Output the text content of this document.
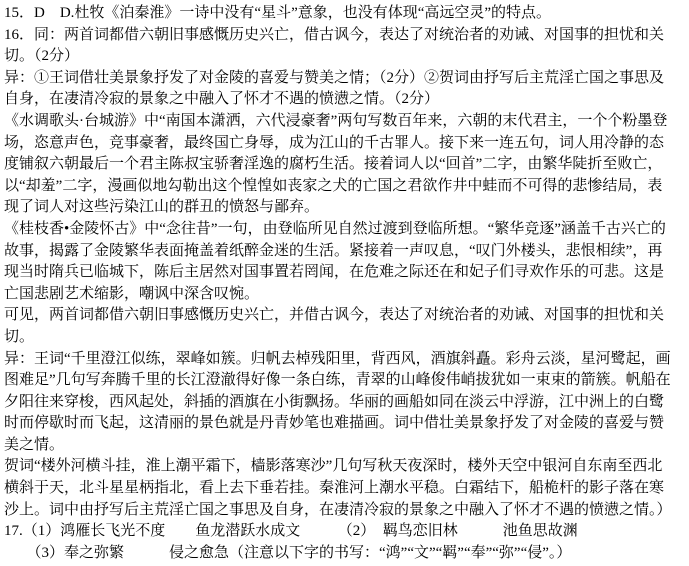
15．D　D.杜牧《泊秦淮》一诗中没有“星斗”意象，也没有体现“高远空灵”的特点。
16．同：两首词都借六朝旧事感慨历史兴亡，借古讽今，表达了对统治者的劝诫、对国事的担忧和关
切。（2分）
异：①王词借壮美景象抒发了对金陵的喜爱与赞美之情；（2分）②贺词由抒写后主荒淫亡国之事思及
自身，在凄清冷寂的景象之中融入了怀才不遇的愤懑之情。（2分）
《水调歌头·台城游》中“南国本潇洒，六代浸豪奢”两句写数百年来，六朝的末代君主，一个个粉墨登
场，恣意声色，竞事豪奢，最终国亡身辱，成为江山的千古罪人。接下来一连五句，词人用冷静的态
度铺叙六朝最后一个君主陈叔宝骄奢淫逸的腐朽生活。接着词人以“回首”二字，由繁华陡折至败亡，
以“却羞”二字，漫画似地勾勒出这个惶惶如丧家之犬的亡国之君欲作井中蛙而不可得的悲惨结局，表
现了词人对这些污染江山的群丑的愤怒与鄙弃。
《桂枝香•金陵怀古》中“念往昔”一句，由登临所见自然过渡到登临所想。“繁华竞逐”涵盖千古兴亡的
故事，揭露了金陵繁华表面掩盖着纸醉金迷的生活。紧接着一声叹息，“叹门外楼头，悲恨相续”，再
现当时隋兵已临城下，陈后主居然对国事置若罔闻，在危难之际还在和妃子们寻欢作乐的可悲。这是
亡国悲剧艺术缩影，嘲讽中深含叹惋。
可见，两首词都借六朝旧事感慨历史兴亡，并借古讽今，表达了对统治者的劝诫、对国事的担忧和关
切。
异：王词“千里澄江似练，翠峰如簇。归帆去棹残阳里，背西风，酒旗斜矗。彩舟云淡，星河鹭起，画
图难足”几句写奔腾千里的长江澄澈得好像一条白练，青翠的山峰俊伟峭拔犹如一束束的箭簇。帆船在
夕阳往来穿梭，西风起处，斜插的酒旗在小街飘扬。华丽的画船如同在淡云中浮游，江中洲上的白鹭
时而停歇时而飞起，这清丽的景色就是丹青妙笔也难描画。词中借壮美景象抒发了对金陵的喜爱与赞
美之情。
贺词“楼外河横斗挂，淮上潮平霜下，樯影落寒沙”几句写秋天夜深时，楼外天空中银河自东南至西北
横斜于天，北斗星星柄指北，看上去下垂若挂。秦淮河上潮水平稳。白霜结下，船桅杆的影子落在寒
沙上。词中由抒写后主荒淫亡国之事思及自身，在凄清冷寂的景象之中融入了怀才不遇的愤懑之情。）
17.（1）鸿雁长飞光不度　　鱼龙潜跃水成文　　　（2）　羁鸟恋旧林　　　池鱼思故渊
　　（3）奉之弥繁　　　侵之愈急（注意以下字的书写：“鸿”“文”“羁”“奉”“弥”“侵”。）
